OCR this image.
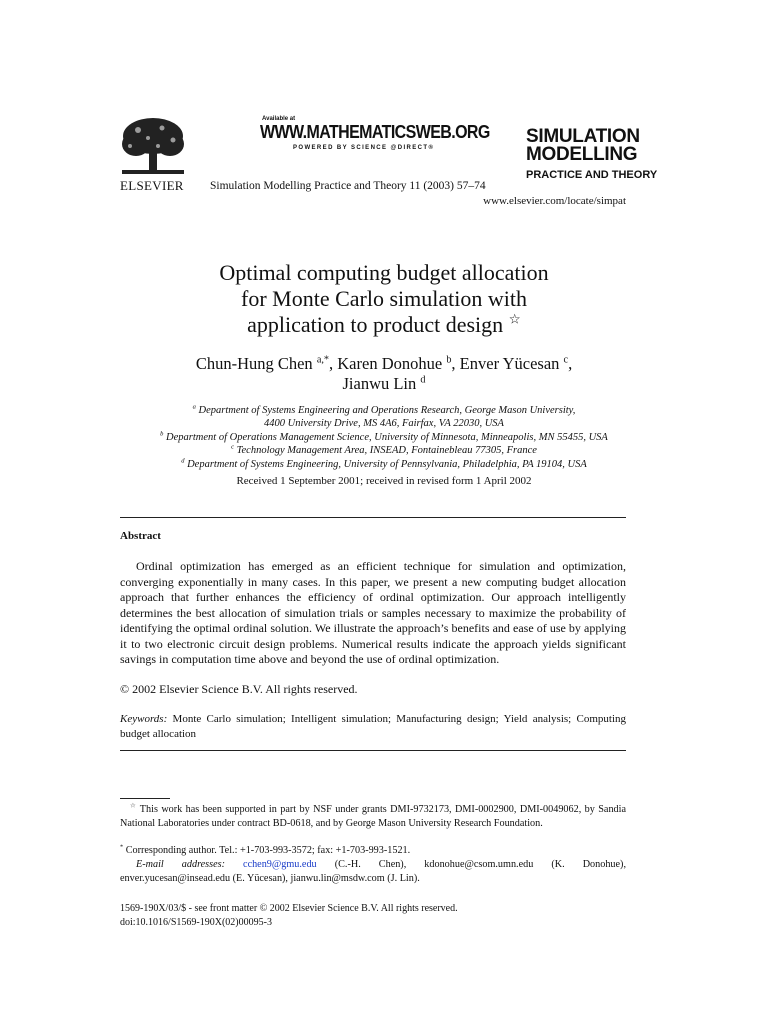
ELSEVIER
Available at
WWW.MATHEMATICSWEB.ORG
POWERED BY SCIENCE @DIRECT®
Simulation Modelling Practice and Theory 11 (2003) 57–74
SIMULATION
MODELLING
PRACTICE AND THEORY
www.elsevier.com/locate/simpat
Optimal computing budget allocation
for Monte Carlo simulation with
application to product design ☆
Chun-Hung Chen $^{a,*}$, Karen Donohue $^b$, Enver Yücesan $^c$,
Jianwu Lin $^d$
$^a$ Department of Systems Engineering and Operations Research, George Mason University,
4400 University Drive, MS 4A6, Fairfax, VA 22030, USA
$^b$ Department of Operations Management Science, University of Minnesota, Minneapolis, MN 55455, USA
$^c$ Technology Management Area, INSEAD, Fontainebleau 77305, France
$^d$ Department of Systems Engineering, University of Pennsylvania, Philadelphia, PA 19104, USA
Received 1 September 2001; received in revised form 1 April 2002
Abstract

Ordinal optimization has emerged as an efficient technique for simulation and optimization, converging exponentially in many cases. In this paper, we present a new computing budget allocation approach that further enhances the efficiency of ordinal optimization. Our approach intelligently determines the best allocation of simulation trials or samples necessary to maximize the probability of identifying the optimal ordinal solution. We illustrate the approach’s benefits and ease of use by applying it to two electronic circuit design problems. Numerical results indicate the approach yields significant savings in computation time above and beyond the use of ordinal optimization.

© 2002 Elsevier Science B.V. All rights reserved.
Keywords: Monte Carlo simulation; Intelligent simulation; Manufacturing design; Yield analysis; Computing budget allocation
☆ This work has been supported in part by NSF under grants DMI-9732173, DMI-0002900, DMI-0049062, by Sandia National Laboratories under contract BD-0618, and by George Mason University Research Foundation.
* Corresponding author. Tel.: +1-703-993-3572; fax: +1-703-993-1521.
E-mail addresses: cchen9@gmu.edu (C.-H. Chen), kdonohue@csom.umn.edu (K. Donohue), enver.yucesan@insead.edu (E. Yücesan), jianwu.lin@msdw.com (J. Lin).
1569-190X/03/$ - see front matter © 2002 Elsevier Science B.V. All rights reserved.
doi:10.1016/S1569-190X(02)00095-3
